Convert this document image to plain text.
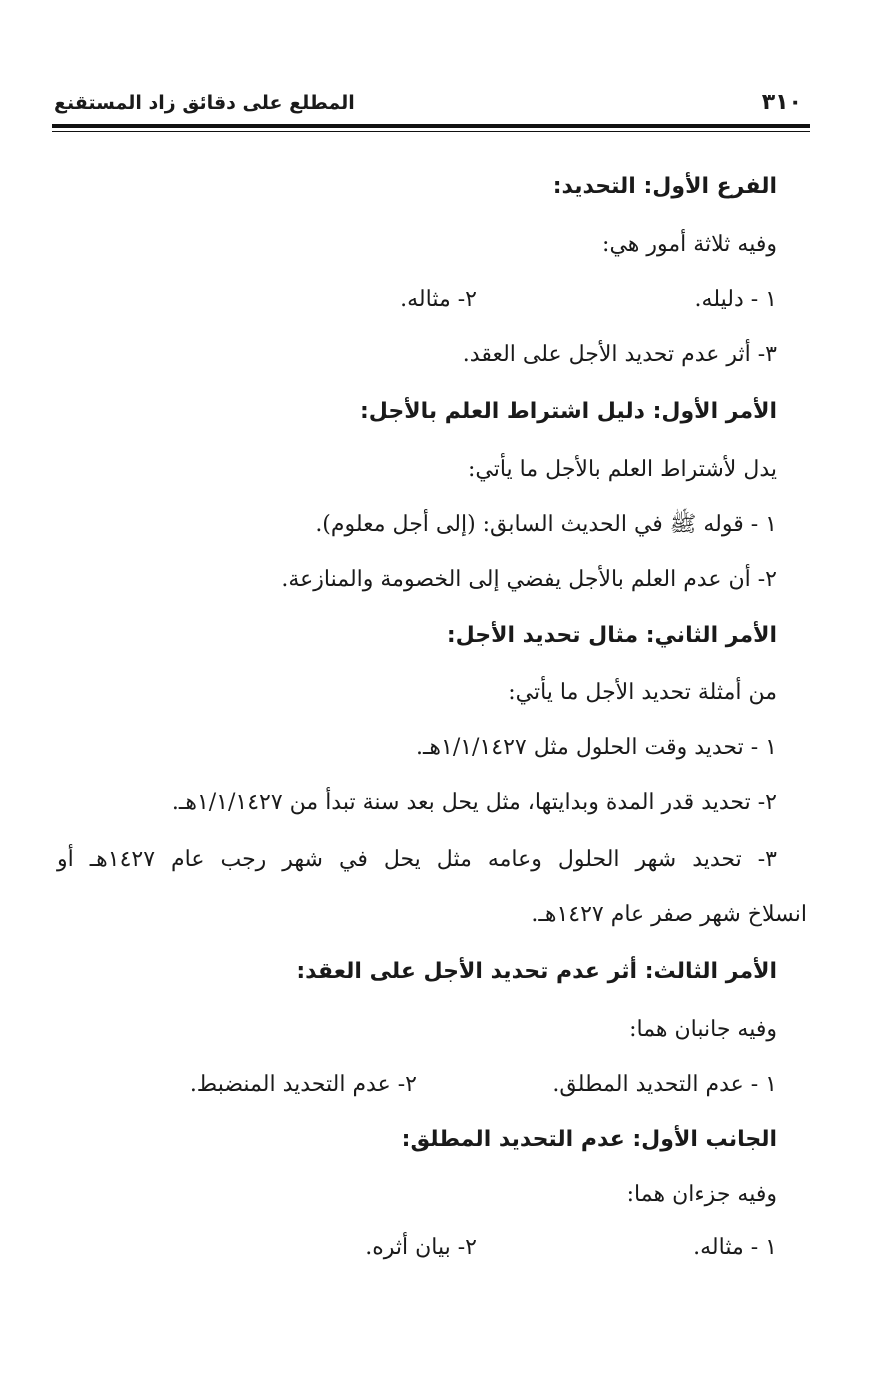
٣١٠
المطلع على دقائق زاد المستقنع
الفرع الأول: التحديد:
وفيه ثلاثة أمور هي:
١ - دليله.
٢- مثاله.
٣- أثر عدم تحديد الأجل على العقد.
الأمر الأول: دليل اشتراط العلم بالأجل:
يدل لأشتراط العلم بالأجل ما يأتي:
١ - قوله ﷺ في الحديث السابق: (إلى أجل معلوم).
٢- أن عدم العلم بالأجل يفضي إلى الخصومة والمنازعة.
الأمر الثاني: مثال تحديد الأجل:
من أمثلة تحديد الأجل ما يأتي:
١ - تحديد وقت الحلول مثل ١/١/١٤٢٧هـ.
٢- تحديد قدر المدة وبدايتها، مثل يحل بعد سنة تبدأ من ١/١/١٤٢٧هـ.
٣- تحديد شهر الحلول وعامه مثل يحل في شهر رجب عام ١٤٢٧هـ أو
انسلاخ شهر صفر عام ١٤٢٧هـ.
الأمر الثالث: أثر عدم تحديد الأجل على العقد:
وفيه جانبان هما:
١ - عدم التحديد المطلق.
٢- عدم التحديد المنضبط.
الجانب الأول: عدم التحديد المطلق:
وفيه جزءان هما:
١ - مثاله.
٢- بيان أثره.
